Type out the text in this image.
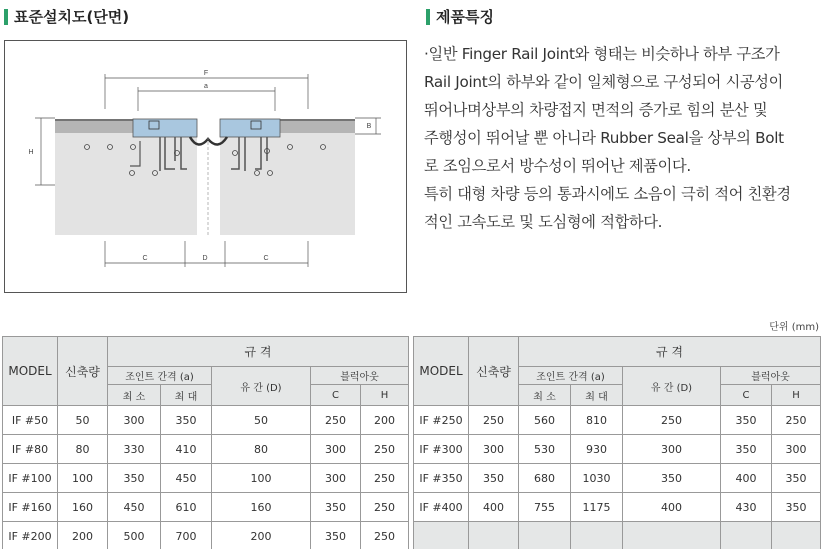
표준설치도(단면)	제품특징
F
a
H
B
C	D	C

·일반 Finger Rail Joint와 형태는 비슷하나 하부 구조가

Rail Joint의 하부와 같이 일체형으로 구성되어 시공성이

뛰어나며상부의 차량접지 면적의 증가로 힘의 분산 및

주행성이 뛰어날 뿐 아니라 Rubber Seal을 상부의 Bolt

로 조임으로서 방수성이 뛰어난 제품이다.

특히 대형 차량 등의 통과시에도 소음이 극히 적어 친환경

적인 고속도로 및 도심형에 적합하다.

단위 (mm)
MODEL	신축량	규 격				
		조인트 간격 (a)		유 간 (D)	블럭아웃	
		최 소	최 대		C	H
IF #50	50	300	350	50	250	200
IF #80	80	330	410	80	300	250
IF #100	100	350	450	100	300	250
IF #160	160	450	610	160	350	250
IF #200	200	500	700	200	350	250
MODEL	신축량	규 격				
		조인트 간격 (a)		유 간 (D)	블럭아웃	
		최 소	최 대		C	H
IF #250	250	560	810	250	350	250
IF #300	300	530	930	300	350	300
IF #350	350	680	1030	350	400	350
IF #400	400	755	1175	400	430	350
